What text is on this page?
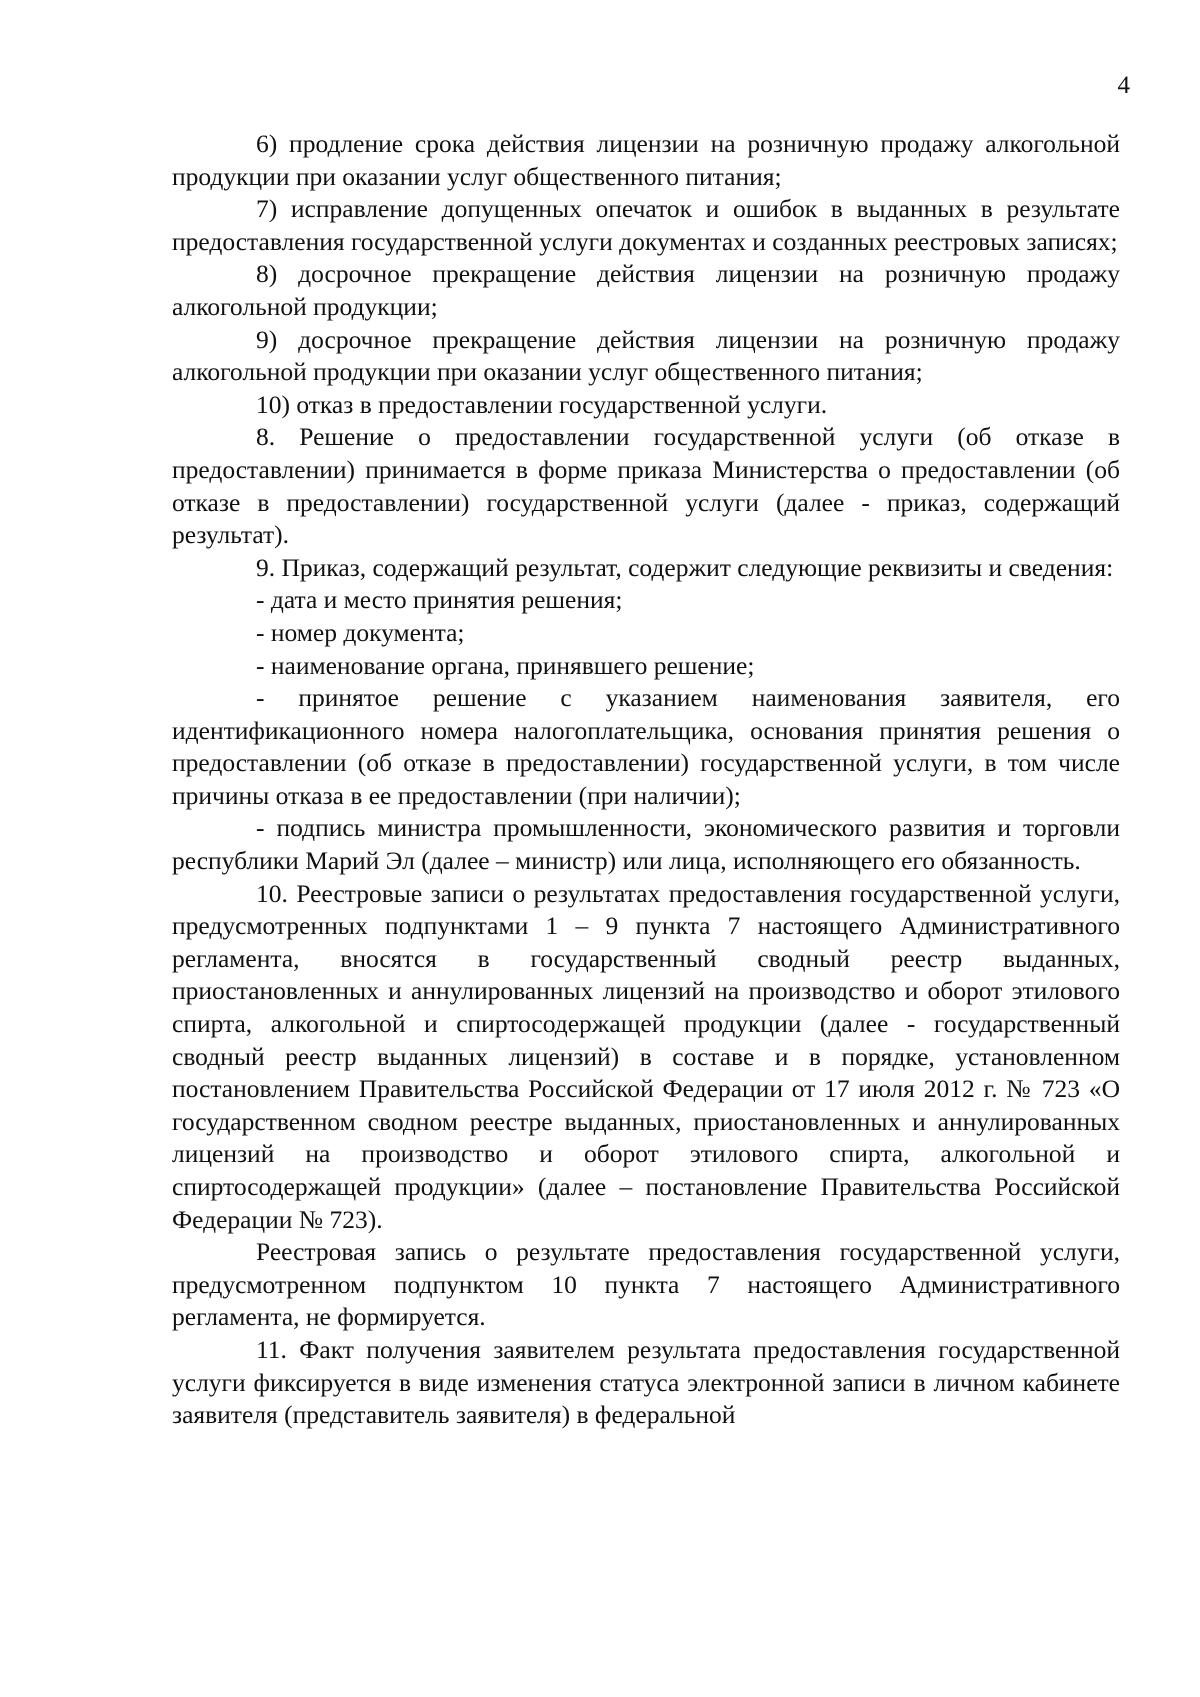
4

6) продление срока действия лицензии на розничную продажу алкогольной продукции при оказании услуг общественного питания;

7) исправление допущенных опечаток и ошибок в выданных в результате предоставления государственной услуги документах и созданных реестровых записях;

8) досрочное прекращение действия лицензии на розничную продажу алкогольной продукции;

9) досрочное прекращение действия лицензии на розничную продажу алкогольной продукции при оказании услуг общественного питания;

10) отказ в предоставлении государственной услуги.

8. Решение о предоставлении государственной услуги (об отказе в предоставлении) принимается в форме приказа Министерства о предоставлении (об отказе в предоставлении) государственной услуги (далее - приказ, содержащий результат).

9. Приказ, содержащий результат, содержит следующие реквизиты и сведения:

- дата и место принятия решения;

- номер документа;

- наименование органа, принявшего решение;

- принятое решение с указанием наименования заявителя, его идентификационного номера налогоплательщика, основания принятия решения о предоставлении (об отказе в предоставлении) государственной услуги, в том числе причины отказа в ее предоставлении (при наличии);

- подпись министра промышленности, экономического развития и торговли республики Марий Эл (далее – министр) или лица, исполняющего его обязанность.

10. Реестровые записи о результатах предоставления государственной услуги, предусмотренных подпунктами 1 – 9 пункта 7 настоящего Административного регламента, вносятся в государственный сводный реестр выданных, приостановленных и аннулированных лицензий на производство и оборот этилового спирта, алкогольной и спиртосодержащей продукции (далее - государственный сводный реестр выданных лицензий) в составе и в порядке, установленном постановлением Правительства Российской Федерации от 17 июля 2012 г. № 723 «О государственном сводном реестре выданных, приостановленных и аннулированных лицензий на производство и оборот этилового спирта, алкогольной и спиртосодержащей продукции» (далее – постановление Правительства Российской Федерации № 723).

Реестровая запись о результате предоставления государственной услуги, предусмотренном подпунктом 10 пункта 7 настоящего Административного регламента, не формируется.

11. Факт получения заявителем результата предоставления государственной услуги фиксируется в виде изменения статуса электронной записи в личном кабинете заявителя (представитель заявителя) в федеральной
